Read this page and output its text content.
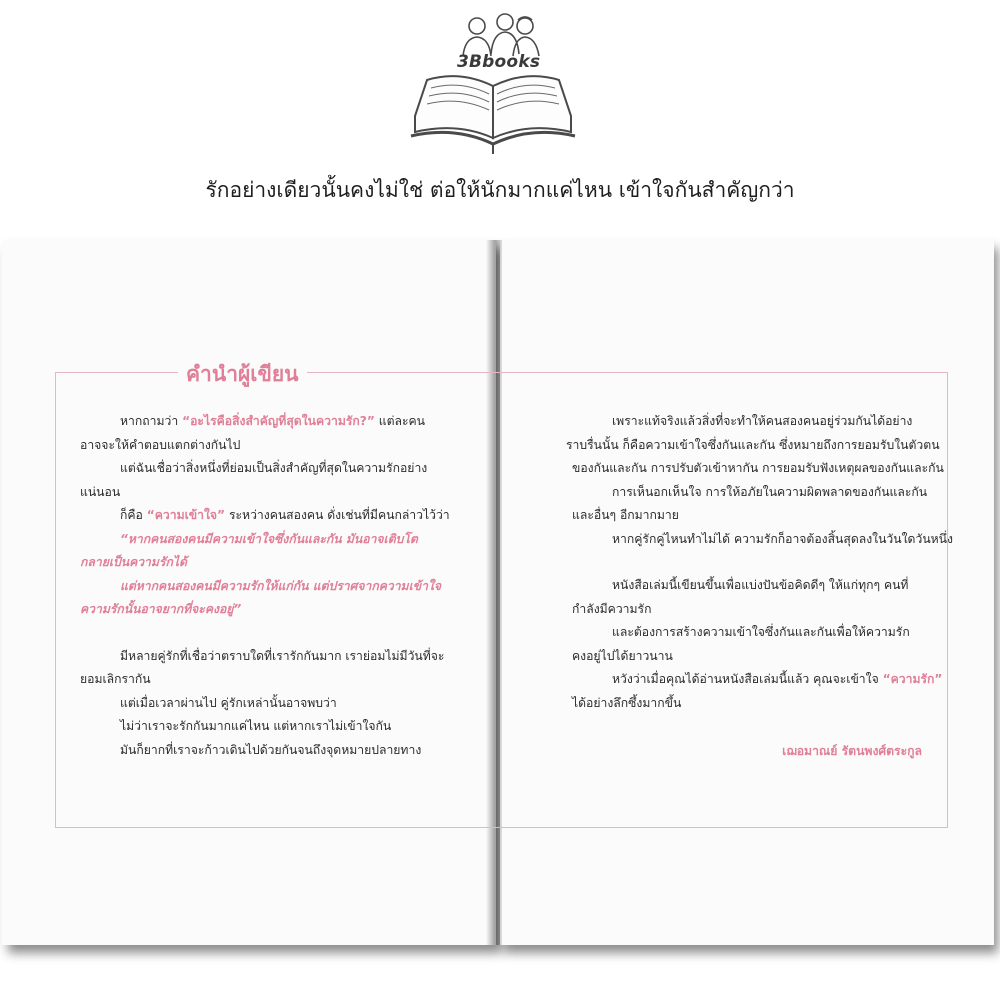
3Bbooks
รักอย่างเดียวนั้นคงไม่ใช่ ต่อให้นักมากแค่ไหน เข้าใจกันสำคัญกว่า
คำนำผู้เขียน
หากถามว่า “อะไรคือสิ่งสำคัญที่สุดในความรัก?” แต่ละคน
อาจจะให้คำตอบแตกต่างกันไป
แต่ฉันเชื่อว่าสิ่งหนึ่งที่ย่อมเป็นสิ่งสำคัญที่สุดในความรักอย่าง
แน่นอน
ก็คือ “ความเข้าใจ” ระหว่างคนสองคน ดั่งเช่นที่มีคนกล่าวไว้ว่า
“หากคนสองคนมีความเข้าใจซึ่งกันและกัน มันอาจเติบโต
กลายเป็นความรักได้
แต่หากคนสองคนมีความรักให้แก่กัน แต่ปราศจากความเข้าใจ
ความรักนั้นอาจยากที่จะคงอยู่”
มีหลายคู่รักที่เชื่อว่าตราบใดที่เรารักกันมาก เราย่อมไม่มีวันที่จะ
ยอมเลิกรากัน
แต่เมื่อเวลาผ่านไป คู่รักเหล่านั้นอาจพบว่า
ไม่ว่าเราจะรักกันมากแค่ไหน แต่หากเราไม่เข้าใจกัน
มันก็ยากที่เราจะก้าวเดินไปด้วยกันจนถึงจุดหมายปลายทาง
เพราะแท้จริงแล้วสิ่งที่จะทำให้คนสองคนอยู่ร่วมกันได้อย่าง
ราบรื่นนั้น ก็คือความเข้าใจซึ่งกันและกัน ซึ่งหมายถึงการยอมรับในตัวตน
ของกันและกัน การปรับตัวเข้าหากัน การยอมรับฟังเหตุผลของกันและกัน
การเห็นอกเห็นใจ การให้อภัยในความผิดพลาดของกันและกัน
และอื่นๆ อีกมากมาย
หากคู่รักคู่ไหนทำไม่ได้ ความรักก็อาจต้องสิ้นสุดลงในวันใดวันหนึ่ง
หนังสือเล่มนี้เขียนขึ้นเพื่อแบ่งปันข้อคิดดีๆ ให้แก่ทุกๆ คนที่
กำลังมีความรัก
และต้องการสร้างความเข้าใจซึ่งกันและกันเพื่อให้ความรัก
คงอยู่ไปได้ยาวนาน
หวังว่าเมื่อคุณได้อ่านหนังสือเล่มนี้แล้ว คุณจะเข้าใจ “ความรัก”
ได้อย่างลึกซึ้งมากขึ้น
เฌอมาณย์ รัตนพงศ์ตระกูล
